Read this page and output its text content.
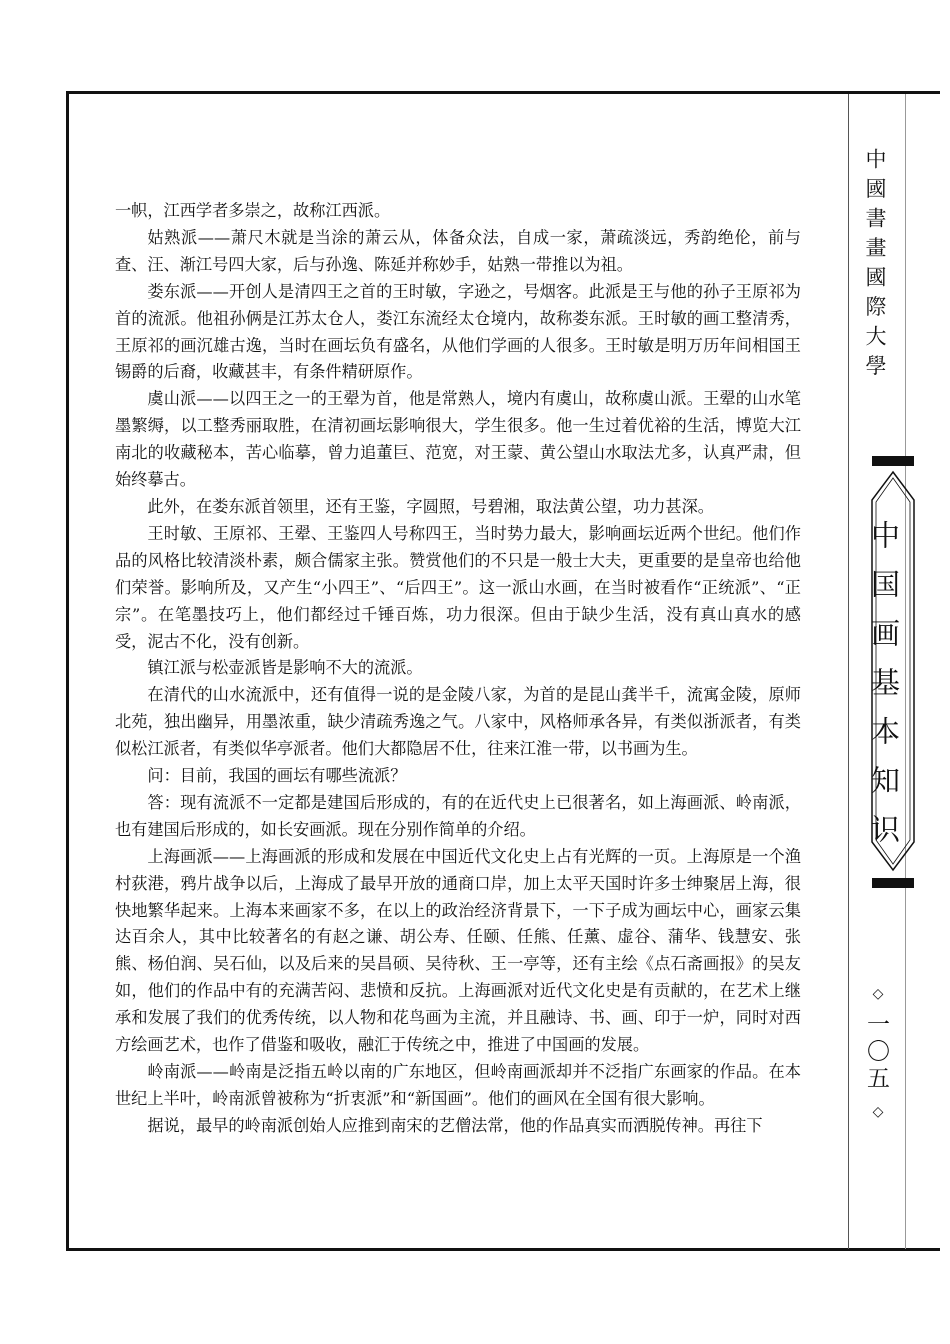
一帜，江西学者多崇之，故称江西派。

姑熟派——萧尺木就是当涂的萧云从，体备众法，自成一家，萧疏淡远，秀韵绝伦，前与查、汪、渐江号四大家，后与孙逸、陈延并称妙手，姑熟一带推以为祖。

娄东派——开创人是清四王之首的王时敏，字逊之，号烟客。此派是王与他的孙子王原祁为首的流派。他祖孙俩是江苏太仓人，娄江东流经太仓境内，故称娄东派。王时敏的画工整清秀，王原祁的画沉雄古逸，当时在画坛负有盛名，从他们学画的人很多。王时敏是明万历年间相国王锡爵的后裔，收藏甚丰，有条件精研原作。

虞山派——以四王之一的王翚为首，他是常熟人，境内有虞山，故称虞山派。王翚的山水笔墨繁缛，以工整秀丽取胜，在清初画坛影响很大，学生很多。他一生过着优裕的生活，博览大江南北的收藏秘本，苦心临摹，曾力追董巨、范宽，对王蒙、黄公望山水取法尤多，认真严肃，但始终摹古。

此外，在娄东派首领里，还有王鉴，字圆照，号碧湘，取法黄公望，功力甚深。

王时敏、王原祁、王翚、王鉴四人号称四王，当时势力最大，影响画坛近两个世纪。他们作品的风格比较清淡朴素，颇合儒家主张。赞赏他们的不只是一般士大夫，更重要的是皇帝也给他们荣誉。影响所及，又产生“小四王”、“后四王”。这一派山水画，在当时被看作“正统派”、“正宗”。在笔墨技巧上，他们都经过千锤百炼，功力很深。但由于缺少生活，没有真山真水的感受，泥古不化，没有创新。

镇江派与松壶派皆是影响不大的流派。

在清代的山水流派中，还有值得一说的是金陵八家，为首的是昆山龚半千，流寓金陵，原师北苑，独出幽异，用墨浓重，缺少清疏秀逸之气。八家中，风格师承各异，有类似浙派者，有类似松江派者，有类似华亭派者。他们大都隐居不仕，往来江淮一带，以书画为生。

问：目前，我国的画坛有哪些流派？

答：现有流派不一定都是建国后形成的，有的在近代史上已很著名，如上海画派、岭南派，也有建国后形成的，如长安画派。现在分别作简单的介绍。

上海画派——上海画派的形成和发展在中国近代文化史上占有光辉的一页。上海原是一个渔村荻港，鸦片战争以后，上海成了最早开放的通商口岸，加上太平天国时许多士绅聚居上海，很快地繁华起来。上海本来画家不多，在以上的政治经济背景下，一下子成为画坛中心，画家云集达百余人，其中比较著名的有赵之谦、胡公寿、任颐、任熊、任薰、虚谷、蒲华、钱慧安、张熊、杨伯润、吴石仙，以及后来的吴昌硕、吴待秋、王一亭等，还有主绘《点石斋画报》的吴友如，他们的作品中有的充满苦闷、悲愤和反抗。上海画派对近代文化史是有贡献的，在艺术上继承和发展了我们的优秀传统，以人物和花鸟画为主流，并且融诗、书、画、印于一炉，同时对西方绘画艺术，也作了借鉴和吸收，融汇于传统之中，推进了中国画的发展。

岭南派——岭南是泛指五岭以南的广东地区，但岭南画派却并不泛指广东画家的作品。在本世纪上半叶，岭南派曾被称为“折衷派”和“新国画”。他们的画风在全国有很大影响。

据说，最早的岭南派创始人应推到南宋的艺僧法常，他的作品真实而洒脱传神。再往下

中國書畫國際大學
中国画基本知识
◇
一〇五
◇
